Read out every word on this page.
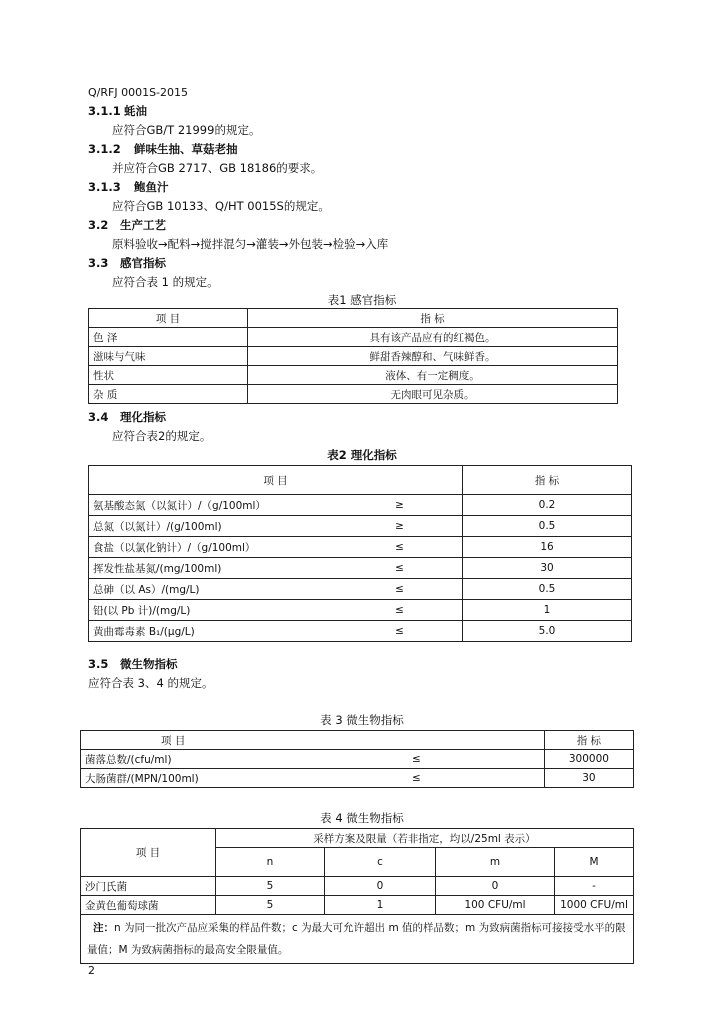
Q/RFJ 0001S-2015
3.1.1 蚝油
应符合GB/T 21999的规定。
3.1.2 鲜味生抽、草菇老抽
并应符合GB 2717、GB 18186的要求。
3.1.3 鲍鱼汁
应符合GB 10133、Q/HT 0015S的规定。
3.2 生产工艺
原料验收→配料→搅拌混匀→灌装→外包装→检验→入库
3.3 感官指标
应符合表 1 的规定。
表1 感官指标
项 目	指 标
色 泽	具有该产品应有的红褐色。
滋味与气味	鲜甜香辣醇和、气味鲜香。
性状	液体、有一定稠度。
杂 质	无肉眼可见杂质。
3.4 理化指标
应符合表2的规定。
表2 理化指标
项 目		指 标
氨基酸态氮（以氮计）/（g/100ml）	≥	0.2
总氮（以氮计）/(g/100ml)	≥	0.5
食盐（以氯化钠计）/（g/100ml）	≤	16
挥发性盐基氮/(mg/100ml)	≤	30
总砷（以 As）/(mg/L)	≤	0.5
铅(以 Pb 计)/(mg/L)	≤	1
黄曲霉毒素 B₁/(μg/L)	≤	5.0
3.5 微生物指标
应符合表 3、4 的规定。
表 3 微生物指标
项 目		指 标
菌落总数/(cfu/ml)	≤	300000
大肠菌群/(MPN/100ml)	≤	30
表 4 微生物指标
项 目	采样方案及限量（若非指定，均以/25ml 表示）			
	n	c	m	M
沙门氏菌	5	0	0	-
金黄色葡萄球菌	5	1	100 CFU/ml	1000 CFU/ml
注：n 为同一批次产品应采集的样品件数；c 为最大可允许超出 m 值的样品数；m 为致病菌指标可接接受水平的限量值；M 为致病菌指标的最高安全限量值。				
2
